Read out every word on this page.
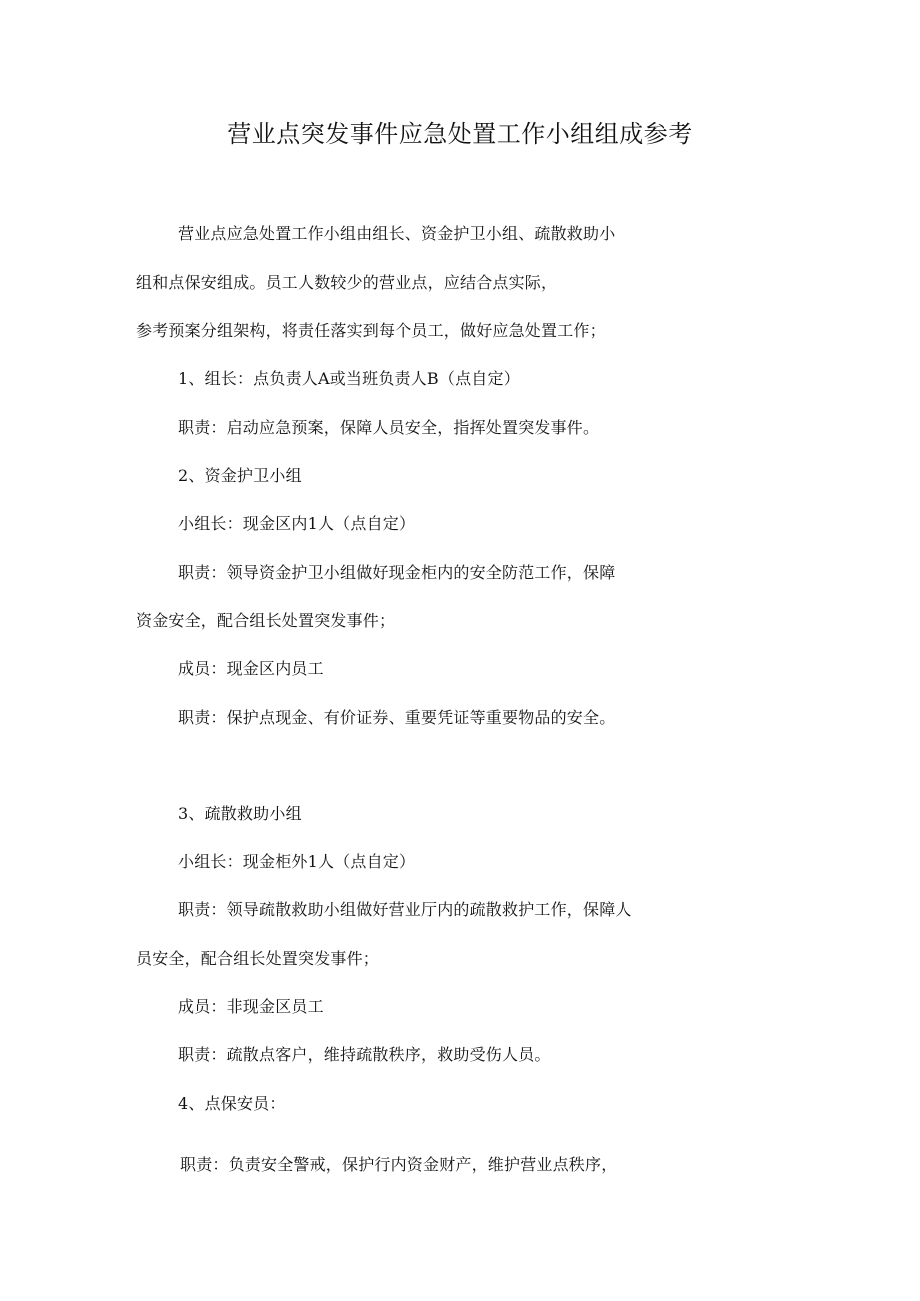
营业点突发事件应急处置工作小组组成参考
营业点应急处置工作小组由组长、资金护卫小组、疏散救助小
组和点保安组成。员工人数较少的营业点，应结合点实际，
参考预案分组架构，将责任落实到每个员工，做好应急处置工作；
1、组长：点负责人A或当班负责人B（点自定）
职责：启动应急预案，保障人员安全，指挥处置突发事件。
2、资金护卫小组
小组长：现金区内1人（点自定）
职责：领导资金护卫小组做好现金柜内的安全防范工作，保障
资金安全，配合组长处置突发事件；
成员：现金区内员工
职责：保护点现金、有价证券、重要凭证等重要物品的安全。
3、疏散救助小组
小组长：现金柜外1人（点自定）
职责：领导疏散救助小组做好营业厅内的疏散救护工作，保障人
员安全，配合组长处置突发事件；
成员：非现金区员工
职责：疏散点客户，维持疏散秩序，救助受伤人员。
4、点保安员：
职责：负责安全警戒，保护行内资金财产，维护营业点秩序，
